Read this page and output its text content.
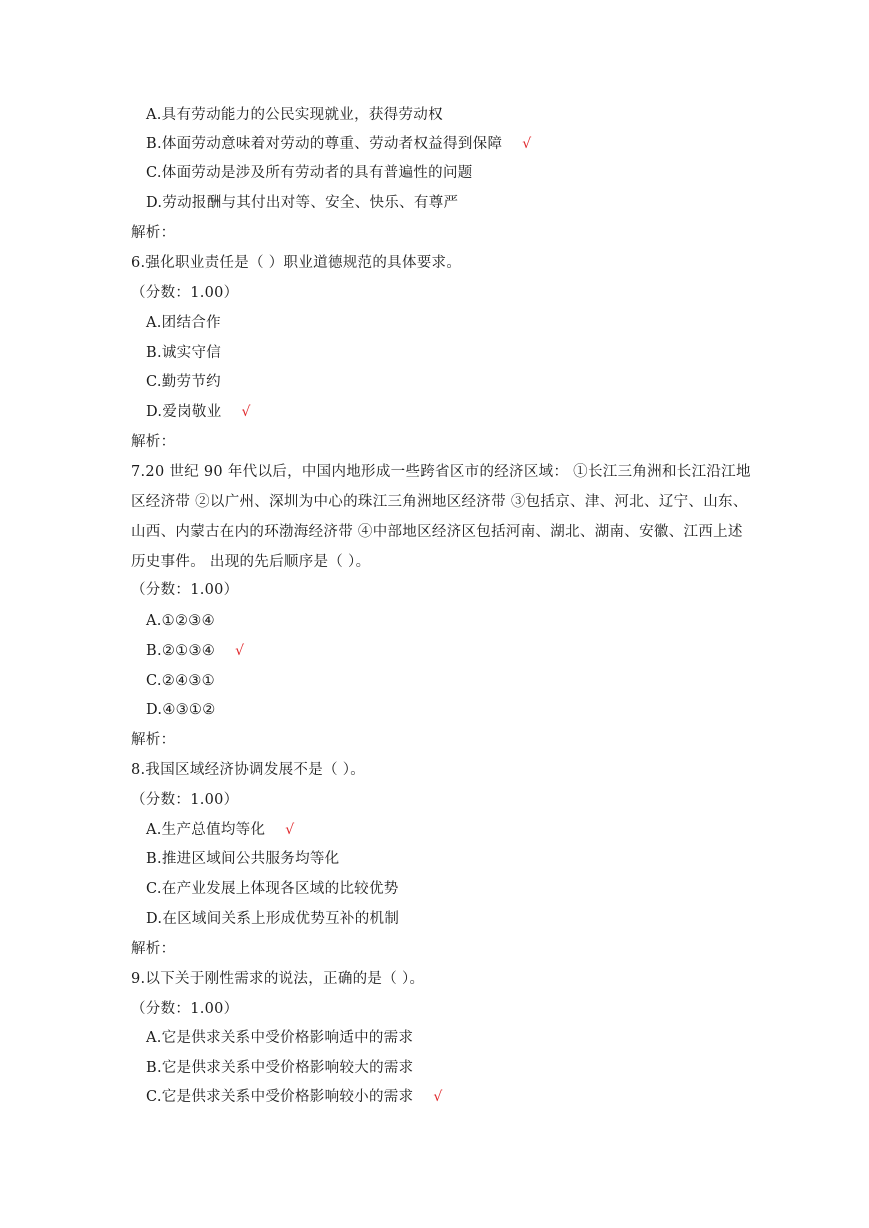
A.具有劳动能力的公民实现就业，获得劳动权
B.体面劳动意味着对劳动的尊重、劳动者权益得到保障 √
C.体面劳动是涉及所有劳动者的具有普遍性的问题
D.劳动报酬与其付出对等、安全、快乐、有尊严
解析：
6.强化职业责任是（ ）职业道德规范的具体要求。
（分数：1.00）
A.团结合作
B.诚实守信
C.勤劳节约
D.爱岗敬业 √
解析：
7.20 世纪 90 年代以后，中国内地形成一些跨省区市的经济区域： ①长江三角洲和长江沿江地区经济带 ②以广州、深圳为中心的珠江三角洲地区经济带 ③包括京、津、河北、辽宁、山东、山西、内蒙古在内的环渤海经济带 ④中部地区经济区包括河南、湖北、湖南、安徽、江西上述历史事件。 出现的先后顺序是（ ）。
（分数：1.00）
A.①②③④
B.②①③④ √
C.②④③①
D.④③①②
解析：
8.我国区域经济协调发展不是（ ）。
（分数：1.00）
A.生产总值均等化 √
B.推进区域间公共服务均等化
C.在产业发展上体现各区域的比较优势
D.在区域间关系上形成优势互补的机制
解析：
9.以下关于刚性需求的说法，正确的是（ ）。
（分数：1.00）
A.它是供求关系中受价格影响适中的需求
B.它是供求关系中受价格影响较大的需求
C.它是供求关系中受价格影响较小的需求 √
